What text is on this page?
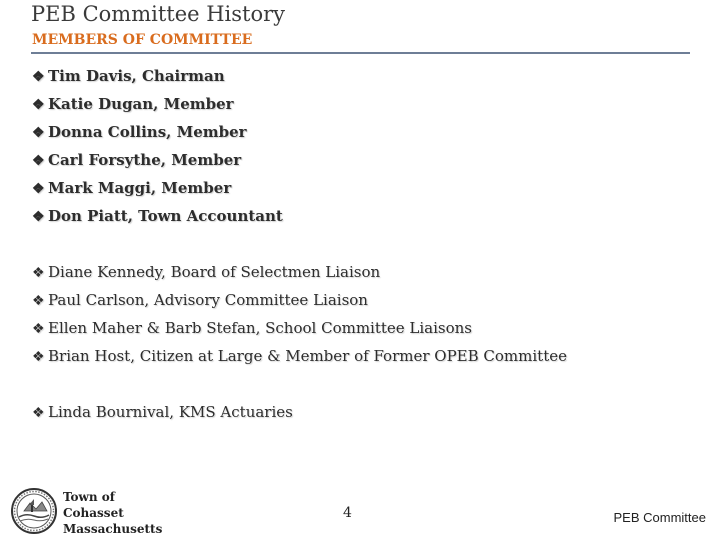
PEB Committee History
MEMBERS OF COMMITTEE
❖ Tim Davis, Chairman
❖ Katie Dugan, Member
❖ Donna Collins, Member
❖ Carl Forsythe, Member
❖ Mark Maggi, Member
❖ Don Piatt, Town Accountant
❖ Diane Kennedy, Board of Selectmen Liaison
❖ Paul Carlson, Advisory Committee Liaison
❖ Ellen Maher & Barb Stefan, School Committee Liaisons
❖ Brian Host, Citizen at Large & Member of Former OPEB Committee
❖ Linda Bournival, KMS Actuaries
Town of
Cohasset
Massachusetts
4	PEB Committee
